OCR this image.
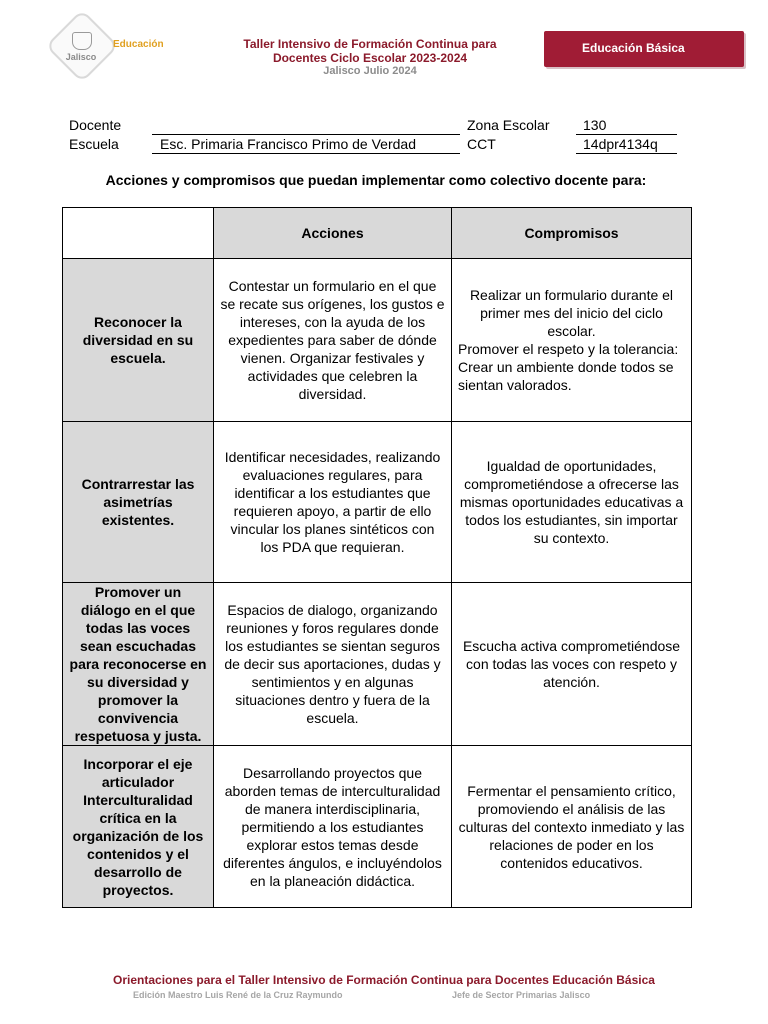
Jalisco
Educación	Taller Intensivo de Formación Continua para
Docentes Ciclo Escolar 2023-2024
Jalisco Julio 2024
Educación Básica
Docente
Escuela	Esc. Primaria Francisco Primo de Verdad
Zona Escolar 130
CCT	14dpr4134q
Acciones y compromisos que puedan implementar como colectivo docente para:
	Acciones	Compromisos
Reconocer la diversidad en su escuela.	Contestar un formulario en el que se recate sus orígenes, los gustos e intereses, con la ayuda de los expedientes para saber de dónde vienen. Organizar festivales y actividades que celebren la diversidad.	Realizar un formulario durante el primer mes del inicio del ciclo escolar.
Promover el respeto y la tolerancia: Crear un ambiente donde todos se sientan valorados.

Contrarrestar las asimetrías existentes.	Identificar necesidades, realizando evaluaciones regulares, para identificar a los estudiantes que requieren apoyo, a partir de ello vincular los planes sintéticos con los PDA que requieran.	Igualdad de oportunidades, comprometiéndose a ofrecerse las mismas oportunidades educativas a todos los estudiantes, sin importar su contexto.
Promover un diálogo en el que todas las voces sean escuchadas para reconocerse en su diversidad y promover la convivencia respetuosa y justa.	Espacios de dialogo, organizando reuniones y foros regulares donde los estudiantes se sientan seguros de decir sus aportaciones, dudas y sentimientos y en algunas situaciones dentro y fuera de la escuela.	Escucha activa comprometiéndose con todas las voces con respeto y atención.
Incorporar el eje articulador Interculturalidad crítica en la organización de los contenidos y el desarrollo de proyectos.	Desarrollando proyectos que aborden temas de interculturalidad de manera interdisciplinaria, permitiendo a los estudiantes explorar estos temas desde diferentes ángulos, e incluyéndolos en la planeación didáctica.	Fermentar el pensamiento crítico, promoviendo el análisis de las culturas del contexto inmediato y las relaciones de poder en los contenidos educativos.
Orientaciones para el Taller Intensivo de Formación Continua para Docentes Educación Básica
Edición Maestro Luis René de la Cruz Raymundo	Jefe de Sector Primarias Jalisco
